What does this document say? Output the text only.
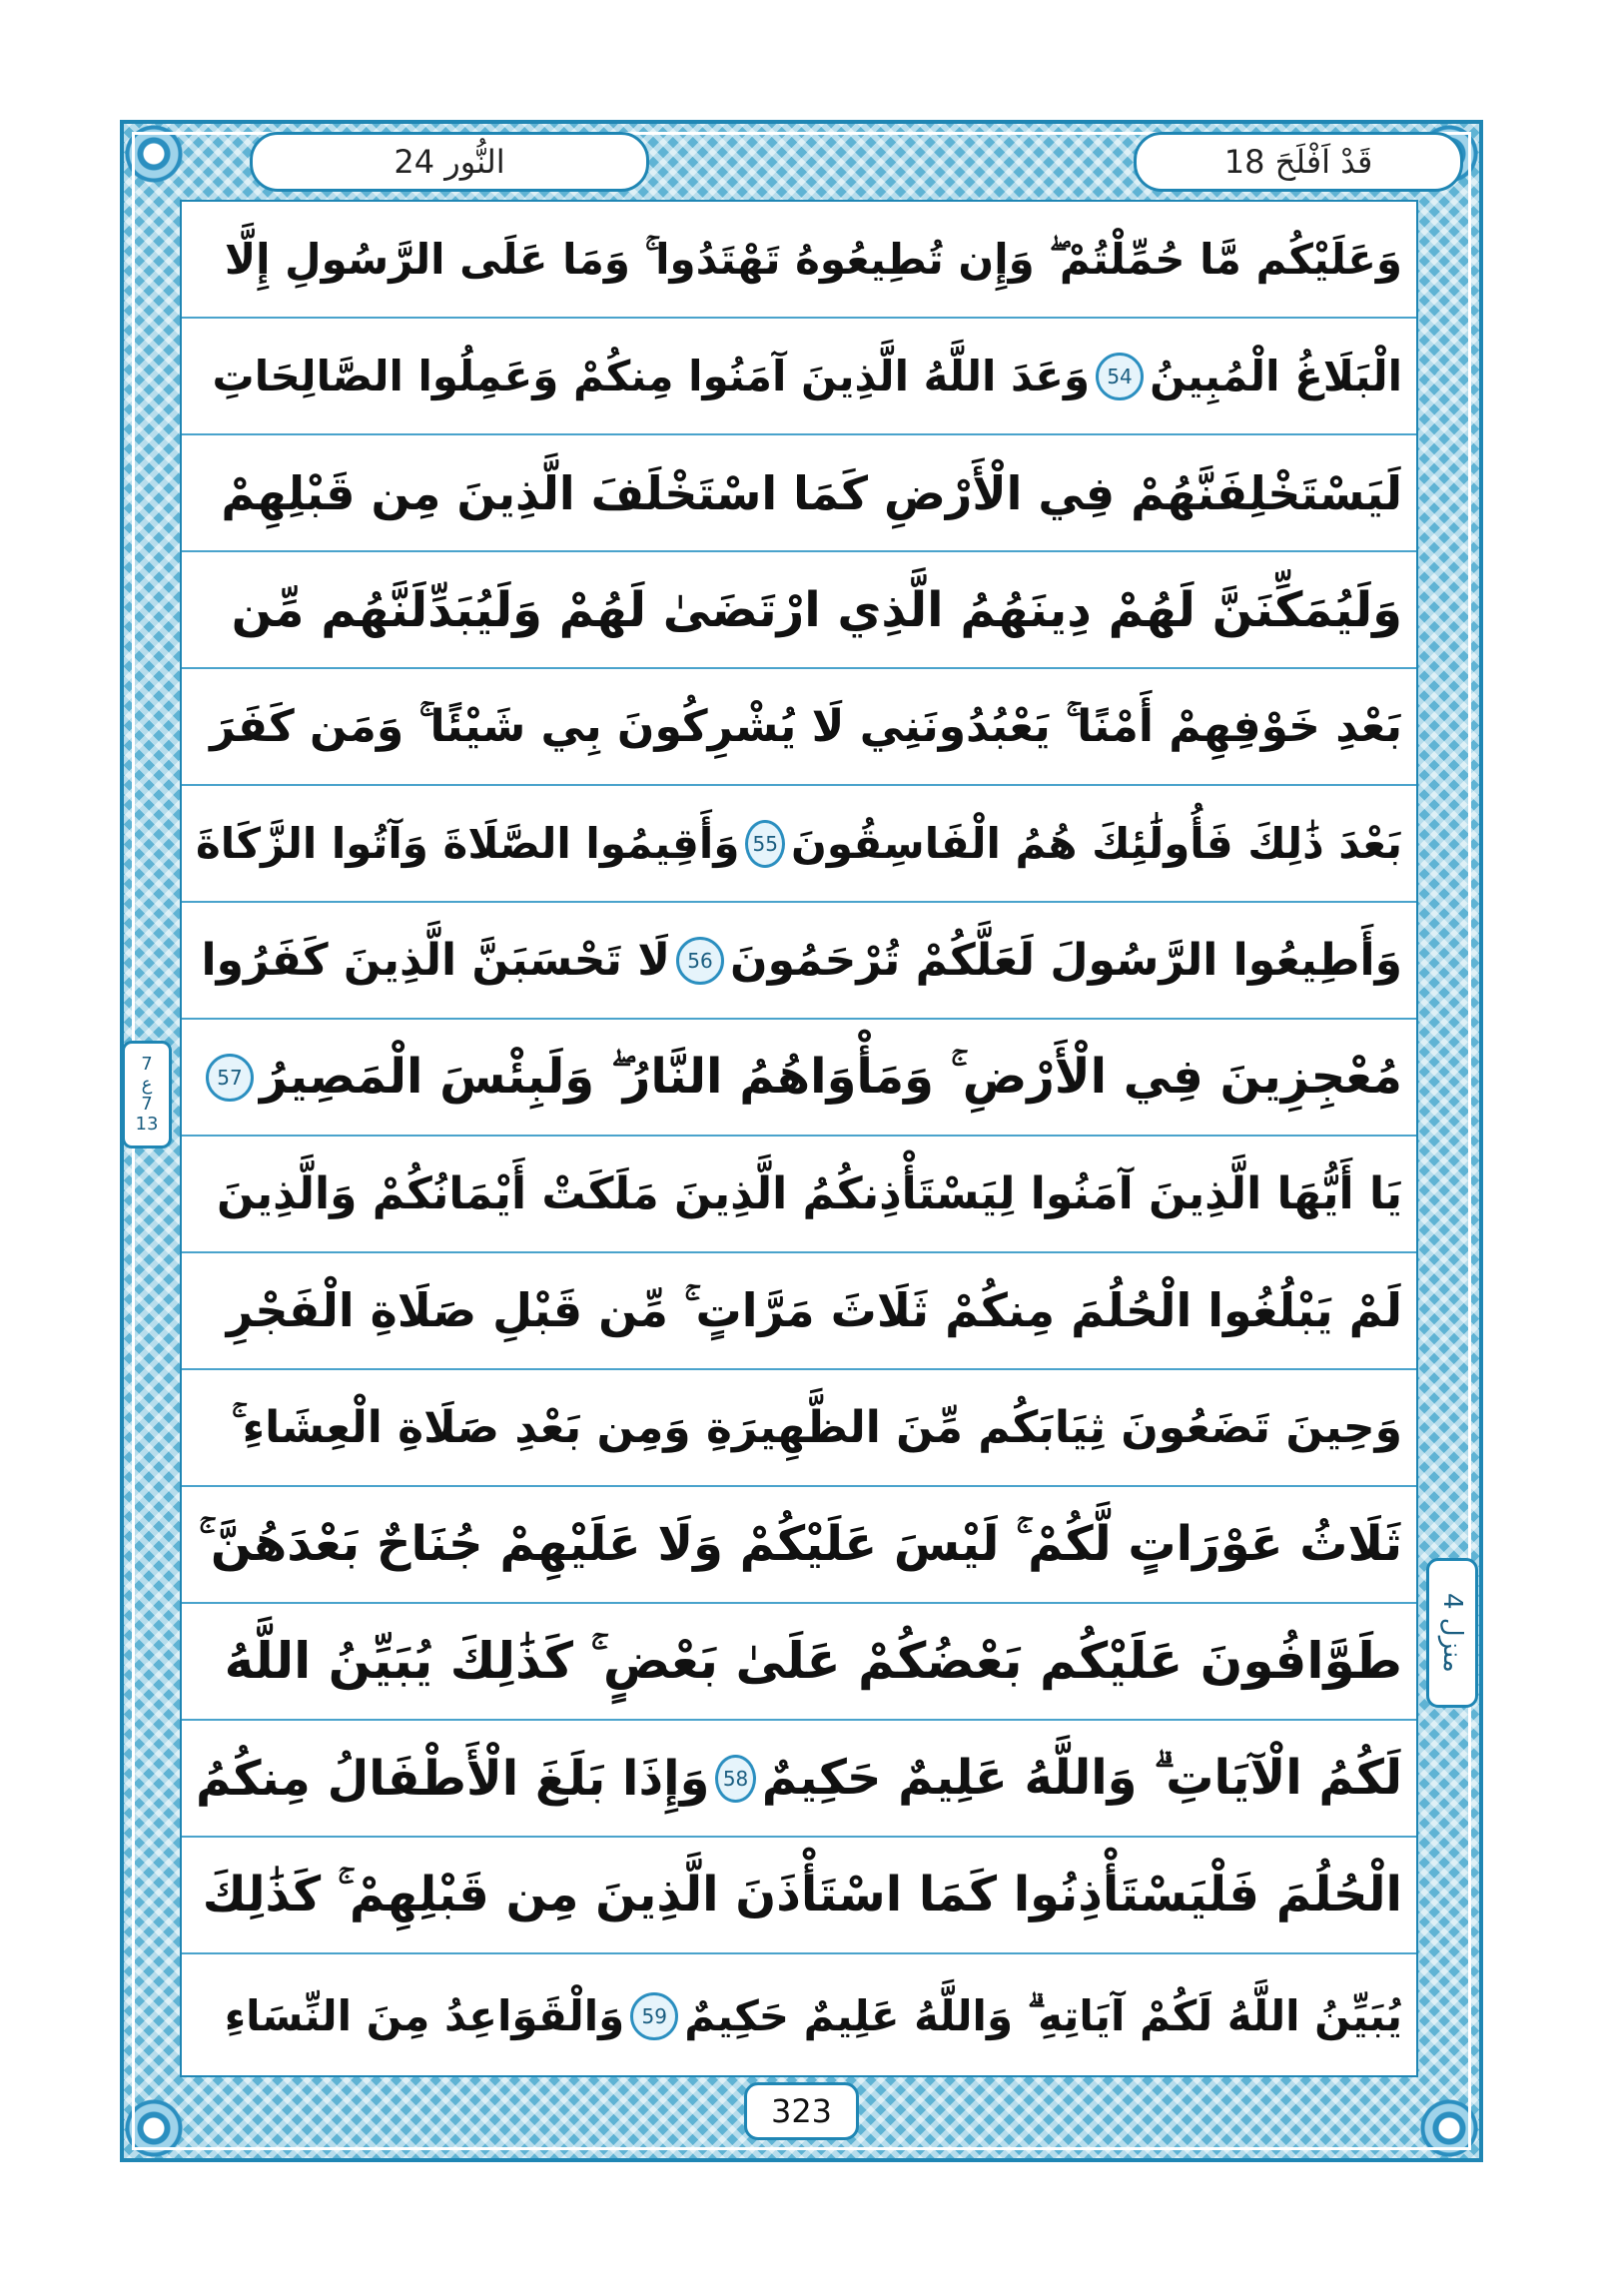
النُّور 24	قَدْ اَفْلَحَ 18
وَعَلَيْكُم مَّا حُمِّلْتُمْ ۖ وَإِن تُطِيعُوهُ تَهْتَدُوا ۚ وَمَا عَلَى الرَّسُولِ إِلَّا
الْبَلَاغُ الْمُبِينُ
54
وَعَدَ اللَّهُ الَّذِينَ آمَنُوا مِنكُمْ وَعَمِلُوا الصَّالِحَاتِ
لَيَسْتَخْلِفَنَّهُمْ فِي الْأَرْضِ كَمَا اسْتَخْلَفَ الَّذِينَ مِن قَبْلِهِمْ
وَلَيُمَكِّنَنَّ لَهُمْ دِينَهُمُ الَّذِي ارْتَضَىٰ لَهُمْ وَلَيُبَدِّلَنَّهُم مِّن
بَعْدِ خَوْفِهِمْ أَمْنًا ۚ يَعْبُدُونَنِي لَا يُشْرِكُونَ بِي شَيْئًا ۚ وَمَن كَفَرَ
بَعْدَ ذَٰلِكَ فَأُولَٰئِكَ هُمُ الْفَاسِقُونَ
55
وَأَقِيمُوا الصَّلَاةَ وَآتُوا الزَّكَاةَ
وَأَطِيعُوا الرَّسُولَ لَعَلَّكُمْ تُرْحَمُونَ
56
لَا تَحْسَبَنَّ الَّذِينَ كَفَرُوا
مُعْجِزِينَ فِي الْأَرْضِ ۚ وَمَأْوَاهُمُ النَّارُ ۖ وَلَبِئْسَ الْمَصِيرُ
57
يَا أَيُّهَا الَّذِينَ آمَنُوا لِيَسْتَأْذِنكُمُ الَّذِينَ مَلَكَتْ أَيْمَانُكُمْ وَالَّذِينَ
لَمْ يَبْلُغُوا الْحُلُمَ مِنكُمْ ثَلَاثَ مَرَّاتٍ ۚ مِّن قَبْلِ صَلَاةِ الْفَجْرِ
وَحِينَ تَضَعُونَ ثِيَابَكُم مِّنَ الظَّهِيرَةِ وَمِن بَعْدِ صَلَاةِ الْعِشَاءِ ۚ
ثَلَاثُ عَوْرَاتٍ لَّكُمْ ۚ لَيْسَ عَلَيْكُمْ وَلَا عَلَيْهِمْ جُنَاحٌ بَعْدَهُنَّ ۚ
طَوَّافُونَ عَلَيْكُم بَعْضُكُمْ عَلَىٰ بَعْضٍ ۚ كَذَٰلِكَ يُبَيِّنُ اللَّهُ
لَكُمُ الْآيَاتِ ۗ وَاللَّهُ عَلِيمٌ حَكِيمٌ
58
وَإِذَا بَلَغَ الْأَطْفَالُ مِنكُمُ
الْحُلُمَ فَلْيَسْتَأْذِنُوا كَمَا اسْتَأْذَنَ الَّذِينَ مِن قَبْلِهِمْ ۚ كَذَٰلِكَ
يُبَيِّنُ اللَّهُ لَكُمْ آيَاتِهِ ۗ وَاللَّهُ عَلِيمٌ حَكِيمٌ
59
وَالْقَوَاعِدُ مِنَ النِّسَاءِ
7
ع
7
13
منزل 4
323
